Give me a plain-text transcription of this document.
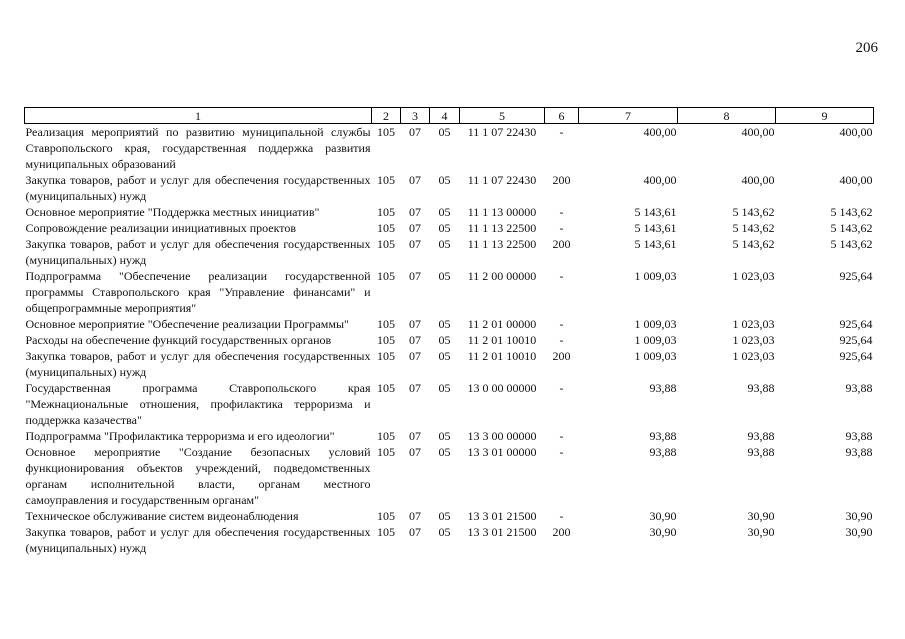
206
1	2	3	4	5	6	7	8	9
Реализация мероприятий по развитию муниципальной службы Ставропольского края, государственная поддержка развития муниципальных образований	105	07	05	11 1 07 22430	-	400,00	400,00	400,00
Закупка товаров, работ и услуг для обеспечения государственных (муниципальных) нужд	105	07	05	11 1 07 22430	200	400,00	400,00	400,00
Основное мероприятие "Поддержка местных инициатив"	105	07	05	11 1 13 00000	-	5 143,61	5 143,62	5 143,62
Сопровождение реализации инициативных проектов	105	07	05	11 1 13 22500	-	5 143,61	5 143,62	5 143,62
Закупка товаров, работ и услуг для обеспечения государственных (муниципальных) нужд	105	07	05	11 1 13 22500	200	5 143,61	5 143,62	5 143,62
Подпрограмма "Обеспечение реализации государственной программы Ставропольского края "Управление финансами" и общепрограммные мероприятия"	105	07	05	11 2 00 00000	-	1 009,03	1 023,03	925,64
Основное мероприятие "Обеспечение реализации Программы"	105	07	05	11 2 01 00000	-	1 009,03	1 023,03	925,64
Расходы на обеспечение функций государственных органов	105	07	05	11 2 01 10010	-	1 009,03	1 023,03	925,64
Закупка товаров, работ и услуг для обеспечения государственных (муниципальных) нужд	105	07	05	11 2 01 10010	200	1 009,03	1 023,03	925,64
Государственная программа Ставропольского края "Межнациональные отношения, профилактика терроризма и поддержка казачества"	105	07	05	13 0 00 00000	-	93,88	93,88	93,88
Подпрограмма "Профилактика терроризма и его идеологии"	105	07	05	13 3 00 00000	-	93,88	93,88	93,88
Основное мероприятие "Создание безопасных условий функционирования объектов учреждений, подведомственных органам исполнительной власти, органам местного самоуправления и государственным органам"	105	07	05	13 3 01 00000	-	93,88	93,88	93,88
Техническое обслуживание систем видеонаблюдения	105	07	05	13 3 01 21500	-	30,90	30,90	30,90
Закупка товаров, работ и услуг для обеспечения государственных (муниципальных) нужд	105	07	05	13 3 01 21500	200	30,90	30,90	30,90
